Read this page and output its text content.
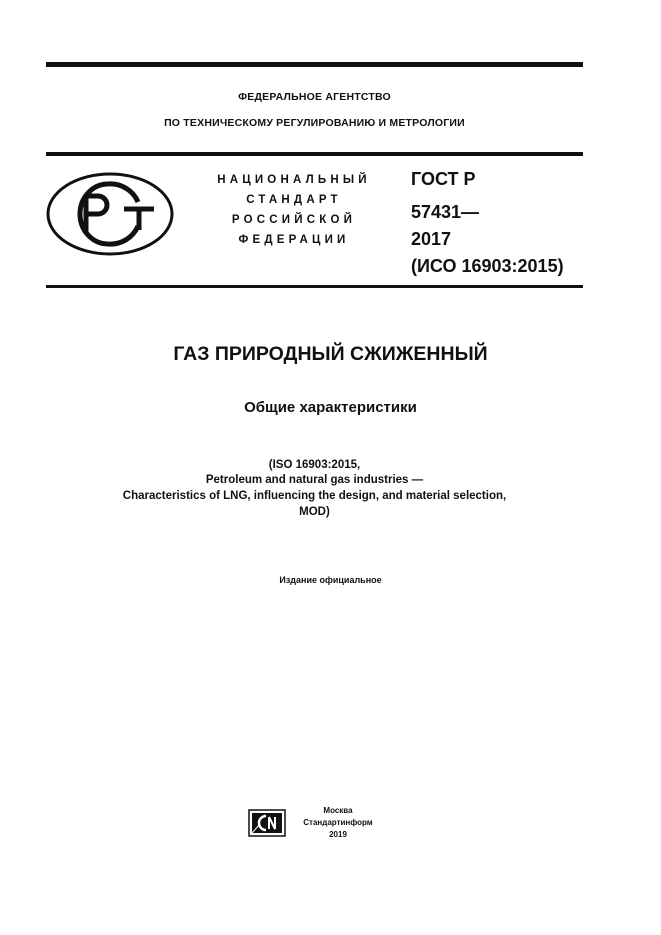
ФЕДЕРАЛЬНОЕ АГЕНТСТВО
ПО ТЕХНИЧЕСКОМУ РЕГУЛИРОВАНИЮ И МЕТРОЛОГИИ
НАЦИОНАЛЬНЫЙ
СТАНДАРТ
РОССИЙСКОЙ
ФЕДЕРАЦИИ
ГОСТ Р
57431—
2017
(ИСО 16903:2015)
ГАЗ ПРИРОДНЫЙ СЖИЖЕННЫЙ
Общие характеристики
(ISO 16903:2015,
Petroleum and natural gas industries —
Characteristics of LNG, influencing the design, and material selection,
MOD)
Издание официальное
Москва
Стандартинформ
2019
